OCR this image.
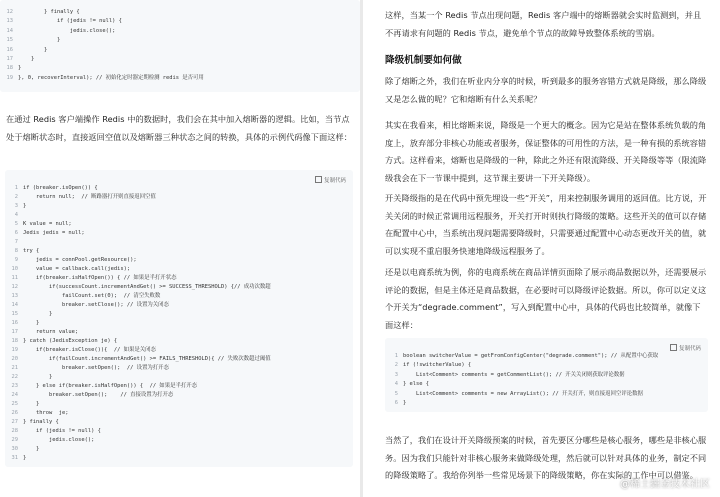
12 } finally {
13 if (jedis != null) {
14 jedis.close();
15 }
16 }
17 }
18 }
19 }, 0, recoverInterval); // 初始化定时器定期检测 redis 是否可用

在通过 Redis 客户端操作 Redis 中的数据时，我们会在其中加入熔断器的逻辑。比如，当节点处于熔断状态时，直接返回空值以及熔断器三种状态之间的转换，具体的示例代码像下面这样：

复制代码
1 if (breaker.isOpen()) {
2 return null;  // 断路器打开则直接返回空值
3 }
4
5 K value = null;
6 Jedis jedis = null;
7
8 try {
9 jedis = connPool.getResource();
10 value = callback.call(jedis);
11 if(breaker.isHalfOpen()) { // 如果是半打开状态
12 if(successCount.incrementAndGet() >= SUCCESS_THRESHOLD) {// 成功次数超
13 failCount.set(0);  // 清空失败数
14 breaker.setClose(); // 设置为关闭态
15 }
16 }
17 return value;
18 } catch (JedisException je) {
19 if(breaker.isClose()){  // 如果是关闭态
20 if(failCount.incrementAndGet() >= FAILS_THRESHOLD){ // 失败次数超过阈值
21 breaker.setOpen();  // 设置为打开态
22 }
23 } else if(breaker.isHalfOpen()) {  // 如果是半打开态
24 breaker.setOpen();    // 直接设置为打开态
25 }
26 throw  je;
27 } finally {
28 if (jedis != null) {
29 jedis.close();
30 }
31 }

这样，当某一个 Redis 节点出现问题，Redis 客户端中的熔断器就会实时监测到，并且不再请求有问题的 Redis 节点，避免单个节点的故障导致整体系统的雪崩。

降级机制要如何做

除了熔断之外，我们在听业内分享的时候，听到最多的服务容错方式就是降级，那么降级又是怎么做的呢？它和熔断有什么关系呢？

其实在我看来，相比熔断来说，降级是一个更大的概念。因为它是站在整体系统负载的角度上，放弃部分非核心功能或者服务，保证整体的可用性的方法，是一种有损的系统容错方式。这样看来，熔断也是降级的一种，除此之外还有限流降级、开关降级等等（限流降级我会在下一节课中提到，这节课主要讲一下开关降级）。

开关降级指的是在代码中预先埋设一些“开关”，用来控制服务调用的返回值。比方说，开关关闭的时候正常调用远程服务，开关打开时则执行降级的策略。这些开关的值可以存储在配置中心中，当系统出现问题需要降级时，只需要通过配置中心动态更改开关的值，就可以实现不重启服务快速地降级远程服务了。

还是以电商系统为例，你的电商系统在商品详情页面除了展示商品数据以外，还需要展示评论的数据，但是主体还是商品数据，在必要时可以降级评论数据。所以，你可以定义这个开关为“degrade.comment”，写入到配置中心中，具体的代码也比较简单，就像下面这样：

复制代码
1 boolean switcherValue = getFromConfigCenter("degrade.comment"); // 从配置中心获取
2 if (!switcherValue) {
3 List<Comment> comments = getCommentList(); // 开关关闭则获取评论数据
4 } else {
5 List<Comment> comments = new ArrayList(); // 开关打开，则直接返回空评论数据
6 }

当然了，我们在设计开关降级预案的时候，首先要区分哪些是核心服务，哪些是非核心服务。因为我们只能针对非核心服务来做降级处理，然后就可以针对具体的业务，制定不同的降级策略了。我给你列举一些常见场景下的降级策略，你在实际的工作中可以借鉴。

@稀土掘金技术社区
